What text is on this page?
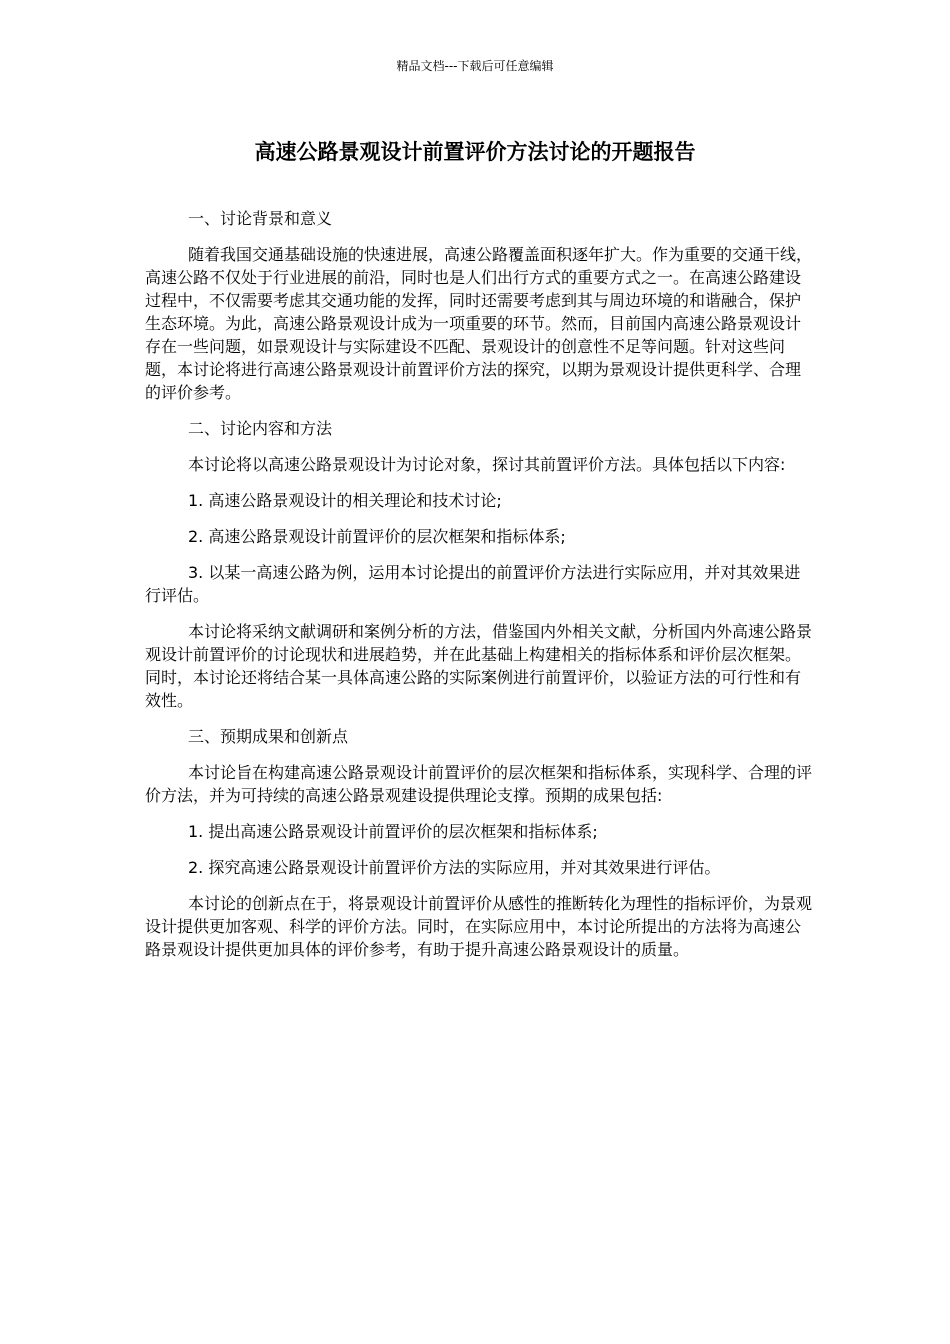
精品文档---下载后可任意编辑
高速公路景观设计前置评价方法讨论的开题报告

一、讨论背景和意义

随着我国交通基础设施的快速进展，高速公路覆盖面积逐年扩大。作为重要的交通干线，高速公路不仅处于行业进展的前沿，同时也是人们出行方式的重要方式之一。在高速公路建设过程中，不仅需要考虑其交通功能的发挥，同时还需要考虑到其与周边环境的和谐融合，保护生态环境。为此，高速公路景观设计成为一项重要的环节。然而，目前国内高速公路景观设计存在一些问题，如景观设计与实际建设不匹配、景观设计的创意性不足等问题。针对这些问题，本讨论将进行高速公路景观设计前置评价方法的探究，以期为景观设计提供更科学、合理的评价参考。

二、讨论内容和方法

本讨论将以高速公路景观设计为讨论对象，探讨其前置评价方法。具体包括以下内容:

1. 高速公路景观设计的相关理论和技术讨论;

2. 高速公路景观设计前置评价的层次框架和指标体系;

3. 以某一高速公路为例，运用本讨论提出的前置评价方法进行实际应用，并对其效果进行评估。

本讨论将采纳文献调研和案例分析的方法，借鉴国内外相关文献，分析国内外高速公路景观设计前置评价的讨论现状和进展趋势，并在此基础上构建相关的指标体系和评价层次框架。同时，本讨论还将结合某一具体高速公路的实际案例进行前置评价，以验证方法的可行性和有效性。

三、预期成果和创新点

本讨论旨在构建高速公路景观设计前置评价的层次框架和指标体系，实现科学、合理的评价方法，并为可持续的高速公路景观建设提供理论支撑。预期的成果包括:

1. 提出高速公路景观设计前置评价的层次框架和指标体系;

2. 探究高速公路景观设计前置评价方法的实际应用，并对其效果进行评估。

本讨论的创新点在于，将景观设计前置评价从感性的推断转化为理性的指标评价，为景观设计提供更加客观、科学的评价方法。同时，在实际应用中，本讨论所提出的方法将为高速公路景观设计提供更加具体的评价参考，有助于提升高速公路景观设计的质量。
